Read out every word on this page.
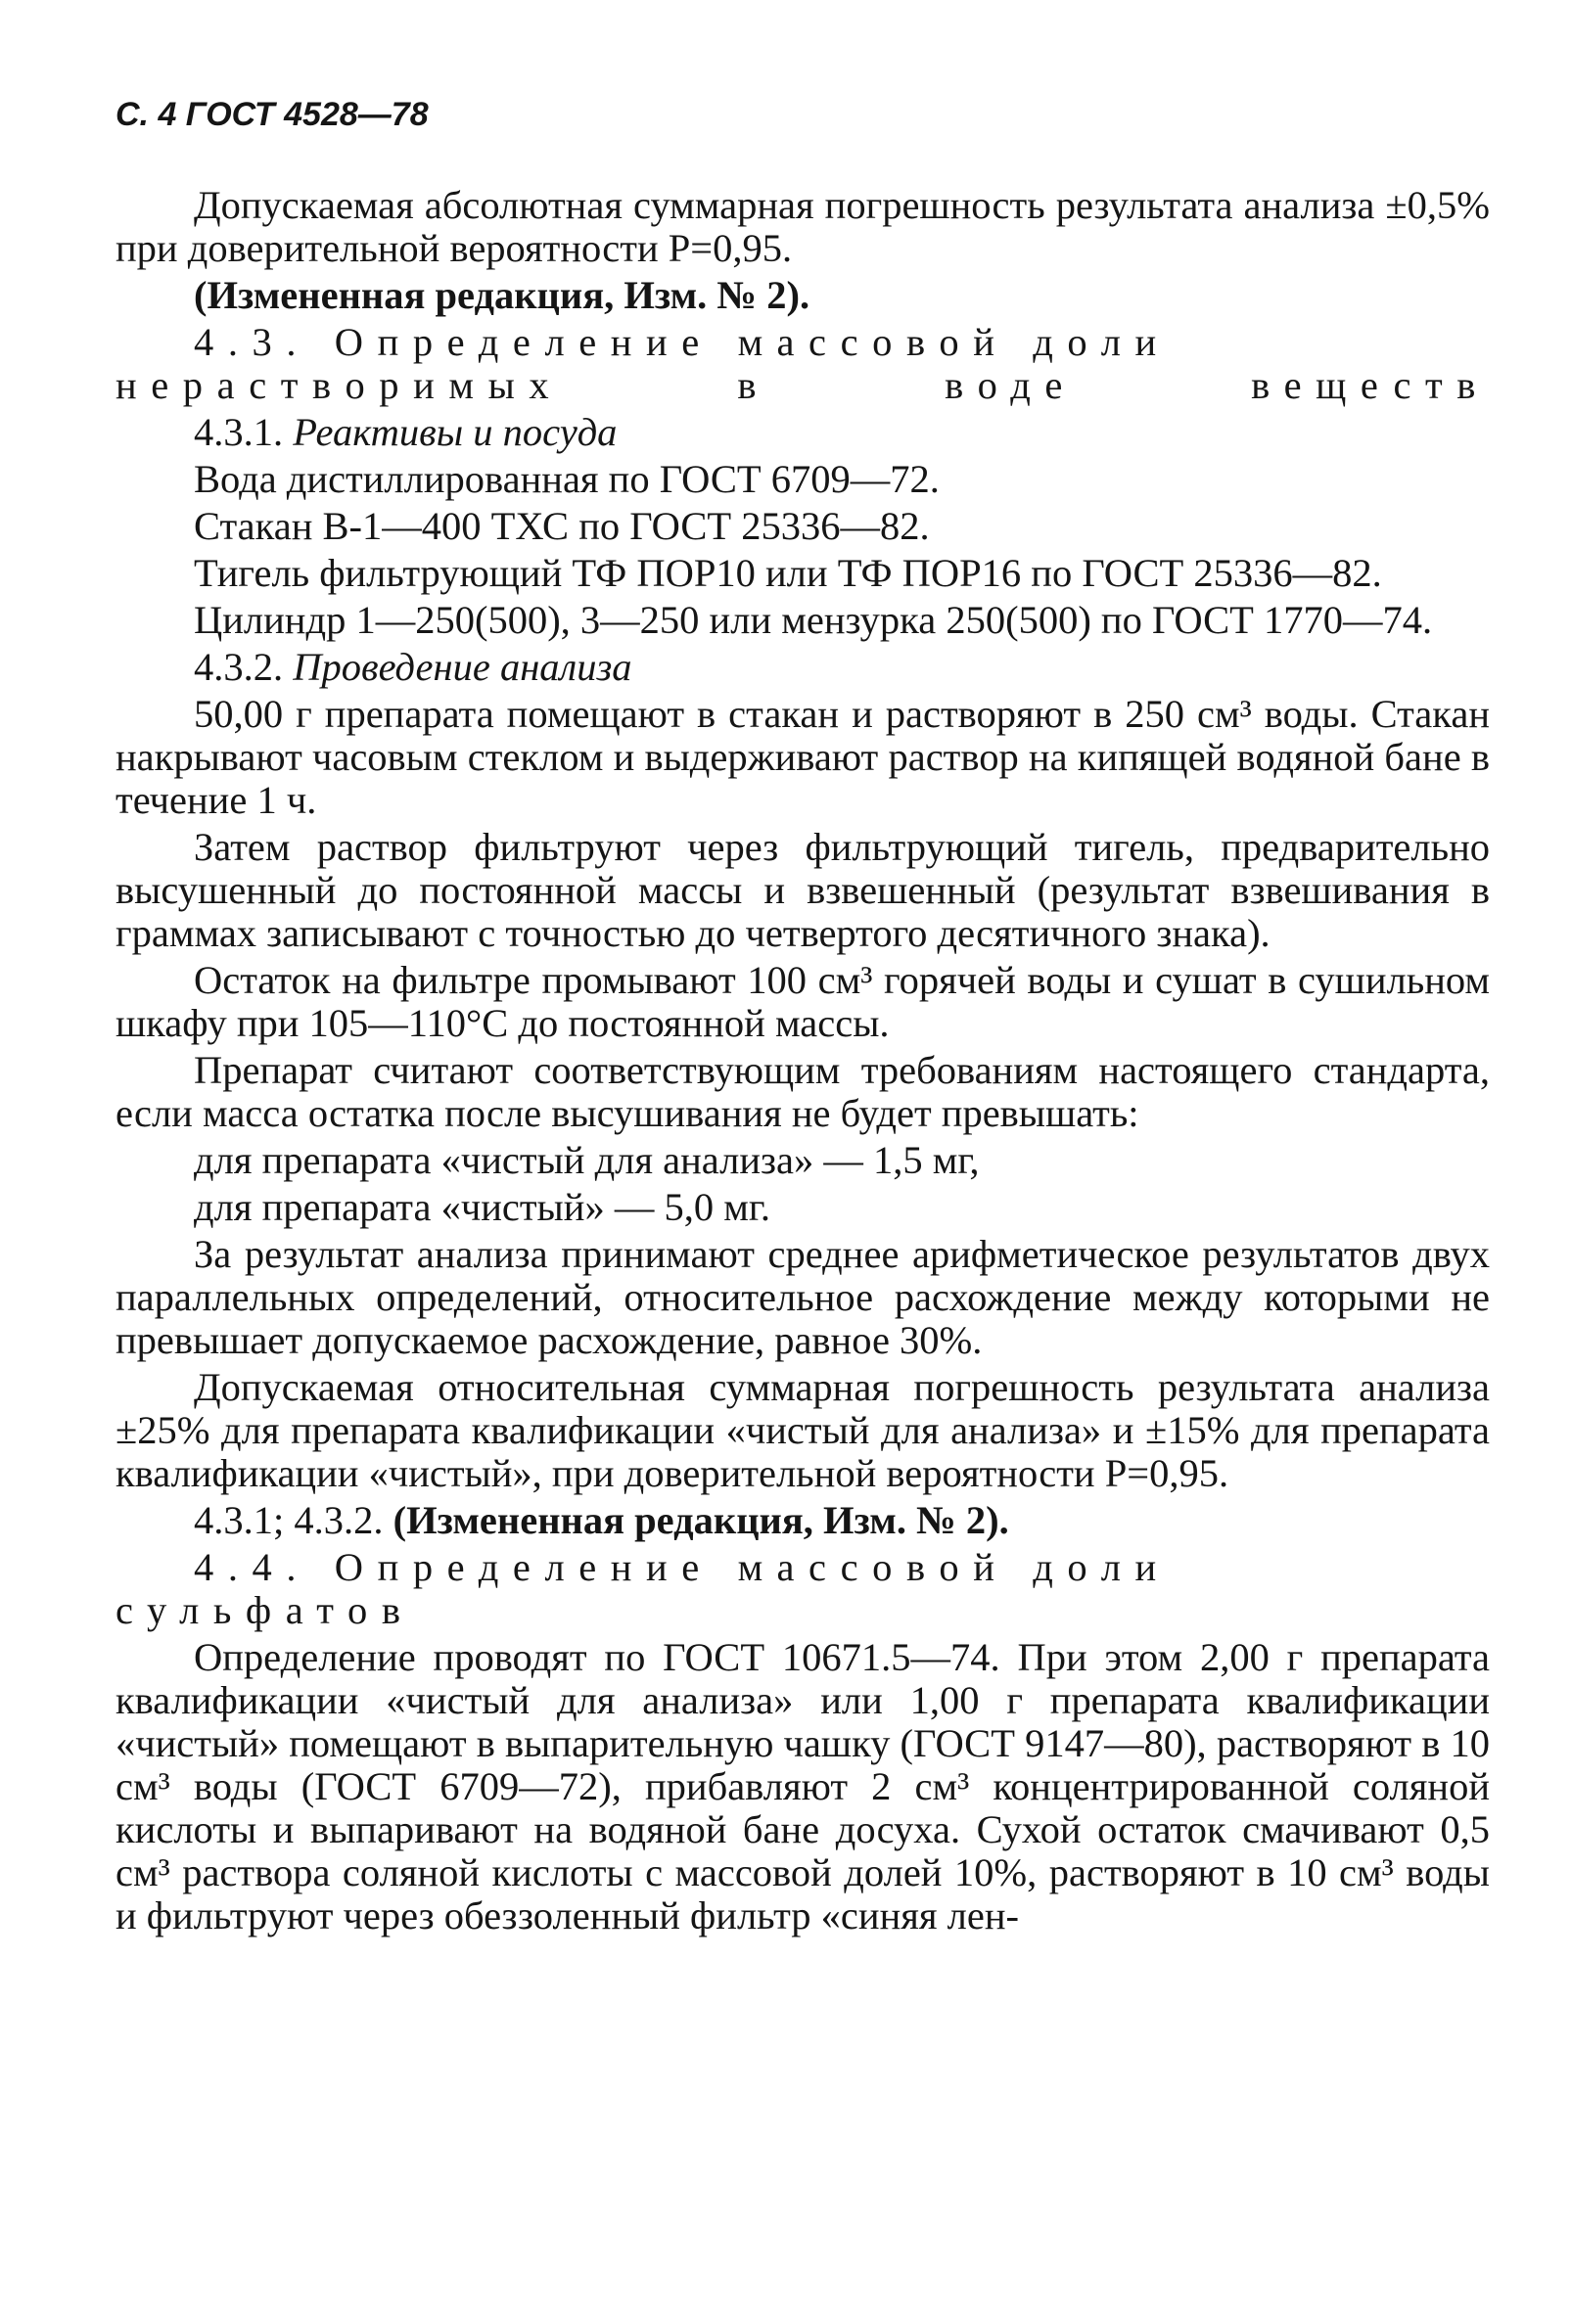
С. 4 ГОСТ 4528—78

Допускаемая абсолютная суммарная погрешность результата анализа ±0,5% при доверительной вероятности Р=0,95.

(Измененная редакция, Изм. № 2).

4.3. Определение массовой доли нерастворимых в воде веществ

4.3.1. Реактивы и посуда

Вода дистиллированная по ГОСТ 6709—72.

Стакан В-1—400 ТХС по ГОСТ 25336—82.

Тигель фильтрующий ТФ ПОР10 или ТФ ПОР16 по ГОСТ 25336—82.

Цилиндр 1—250(500), 3—250 или мензурка 250(500) по ГОСТ 1770—74.

4.3.2. Проведение анализа

50,00 г препарата помещают в стакан и растворяют в 250 см³ воды. Стакан накрывают часовым стеклом и выдерживают раствор на кипящей водяной бане в течение 1 ч.

Затем раствор фильтруют через фильтрующий тигель, предварительно высушенный до постоянной массы и взвешенный (результат взвешивания в граммах записывают с точностью до четвертого десятичного знака).

Остаток на фильтре промывают 100 см³ горячей воды и сушат в сушильном шкафу при 105—110°С до постоянной массы.

Препарат считают соответствующим требованиям настоящего стандарта, если масса остатка после высушивания не будет превышать:

для препарата «чистый для анализа» — 1,5 мг,

для препарата «чистый» — 5,0 мг.

За результат анализа принимают среднее арифметическое результатов двух параллельных определений, относительное расхождение между которыми не превышает допускаемое расхождение, равное 30%.

Допускаемая относительная суммарная погрешность результата анализа ±25% для препарата квалификации «чистый для анализа» и ±15% для препарата квалификации «чистый», при доверительной вероятности Р=0,95.

4.3.1; 4.3.2. (Измененная редакция, Изм. № 2).

4.4. Определение массовой доли сульфатов

Определение проводят по ГОСТ 10671.5—74. При этом 2,00 г препарата квалификации «чистый для анализа» или 1,00 г препарата квалификации «чистый» помещают в выпарительную чашку (ГОСТ 9147—80), растворяют в 10 см³ воды (ГОСТ 6709—72), прибавляют 2 см³ концентрированной соляной кислоты и выпаривают на водяной бане досуха. Сухой остаток смачивают 0,5 см³ раствора соляной кислоты с массовой долей 10%, растворяют в 10 см³ воды и фильтруют через обеззоленный фильтр «синяя лен-
